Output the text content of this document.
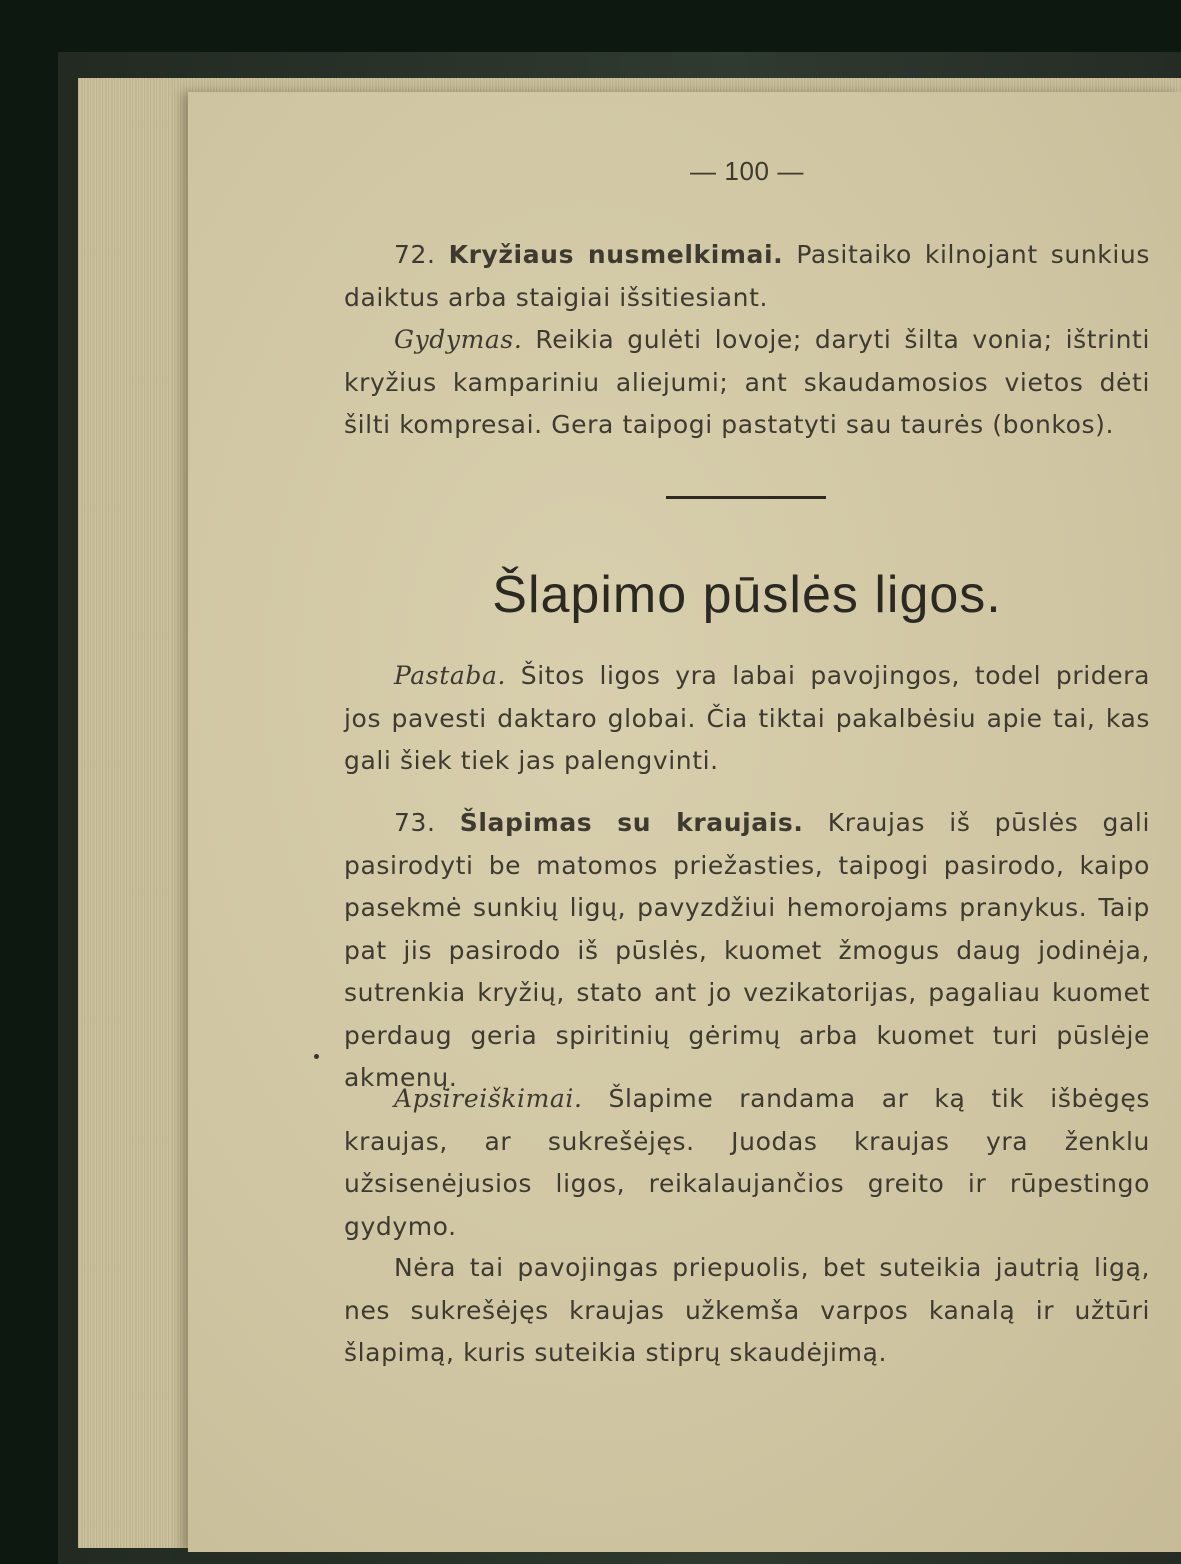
— 100 —

72. Kryžiaus nusmelkimai. Pasitaiko kilnojant sunkius daiktus arba staigiai išsitiesiant.

Gydymas. Reikia gulėti lovoje; daryti šilta vonia; ištrinti kryžius kampariniu aliejumi; ant skaudamosios vietos dėti šilti kompresai. Gera taipogi pastatyti sau taurės (bonkos).

Šlapimo pūslės ligos.

Pastaba. Šitos ligos yra labai pavojingos, todel pridera jos pavesti daktaro globai. Čia tiktai pakalbėsiu apie tai, kas gali šiek tiek jas palengvinti.

73. Šlapimas su kraujais. Kraujas iš pūslės gali pasirodyti be matomos priežasties, taipogi pasirodo, kaipo pasekmė sunkių ligų, pavyzdžiui hemorojams pranykus. Taip pat jis pasirodo iš pūslės, kuomet žmogus daug jodinėja, sutrenkia kryžių, stato ant jo vezikatorijas, pagaliau kuomet perdaug geria spiritinių gėrimų arba kuomet turi pūslėje akmenų.

Apsireiškimai. Šlapime randama ar ką tik išbėgęs kraujas, ar sukrešėjęs. Juodas kraujas yra ženklu užsisenėjusios ligos, reikalaujančios greito ir rūpestingo gydymo.

Nėra tai pavojingas priepuolis, bet suteikia jautrią ligą, nes sukrešėjęs kraujas užkemša varpos kanalą ir užtūri šlapimą, kuris suteikia stiprų skaudėjimą.
